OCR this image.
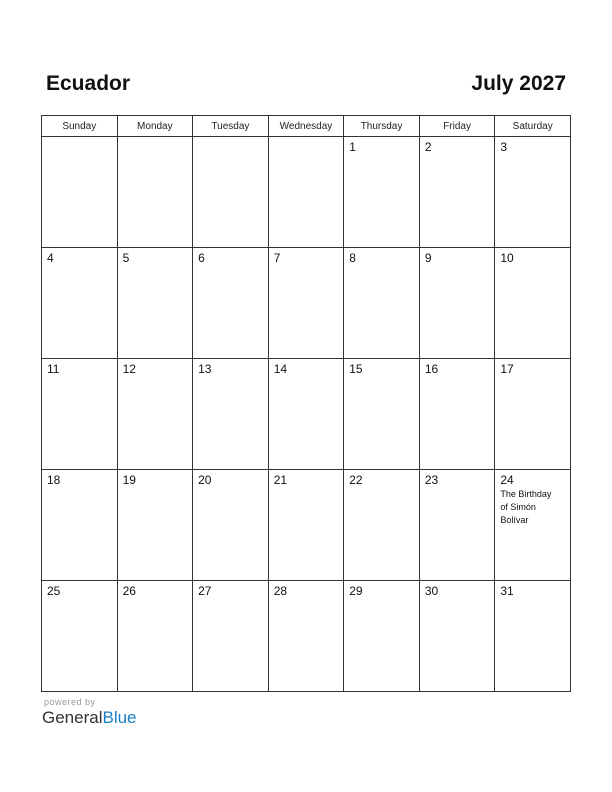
Ecuador	July 2027
Sunday	Monday	Tuesday	Wednesday	Thursday	Friday	Saturday

				1	2	3

4	5	6	7	8	9	10

11	12	13	14	15	16	17

18	19	20	21	22	23	24
The Birthday
of Simón
Bolívar

25	26	27	28	29	30	31
powered by
GeneralBlue
